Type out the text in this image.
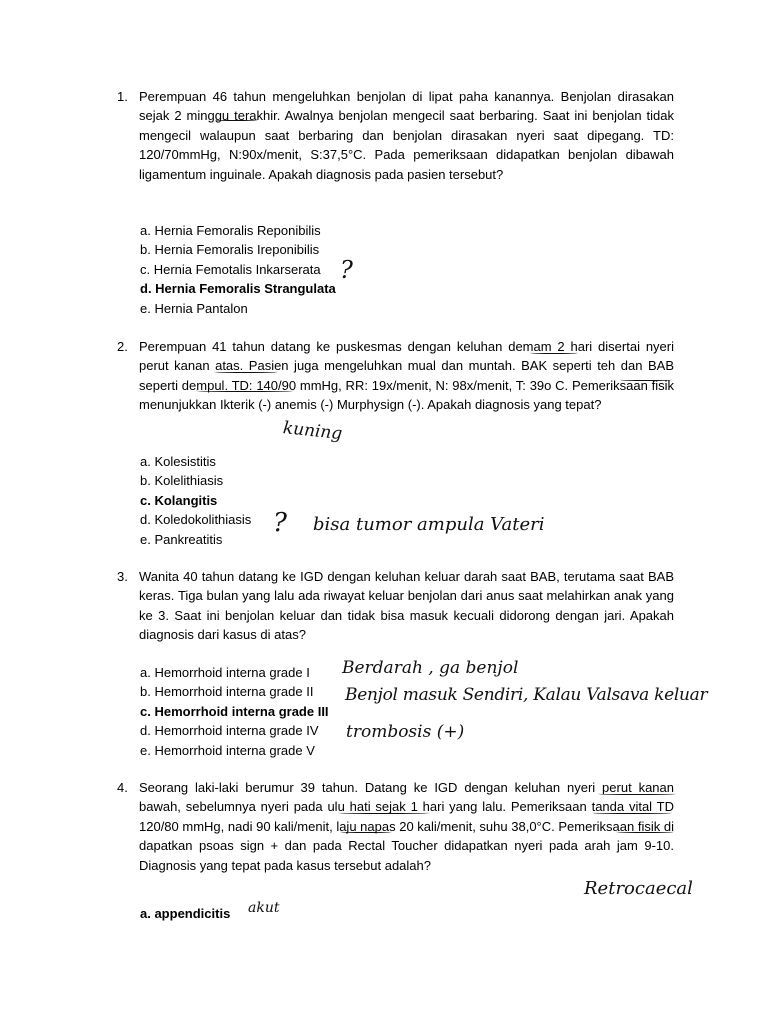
1. Perempuan 46 tahun mengeluhkan benjolan di lipat paha kanannya. Benjolan dirasakan sejak 2 minggu terakhir. Awalnya benjolan mengecil saat berbaring. Saat ini benjolan tidak mengecil walaupun saat berbaring dan benjolan dirasakan nyeri saat dipegang. TD: 120/70mmHg, N:90x/menit, S:37,5°C. Pada pemeriksaan didapatkan benjolan dibawah ligamentum inguinale. Apakah diagnosis pada pasien tersebut?
a. Hernia Femoralis Reponibilis
b. Hernia Femoralis Ireponibilis
c. Hernia Femotalis Inkarserata
d. Hernia Femoralis Strangulata
e. Hernia Pantalon
2. Perempuan 41 tahun datang ke puskesmas dengan keluhan demam 2 hari disertai nyeri perut kanan atas. Pasien juga mengeluhkan mual dan muntah. BAK seperti teh dan BAB seperti dempul. TD: 140/90 mmHg, RR: 19x/menit, N: 98x/menit, T: 39o C. Pemeriksaan fisik menunjukkan Ikterik (-) anemis (-) Murphysign (-). Apakah diagnosis yang tepat?
a. Kolesistitis
b. Kolelithiasis
c. Kolangitis
d. Koledokolithiasis
e. Pankreatitis
3. Wanita 40 tahun datang ke IGD dengan keluhan keluar darah saat BAB, terutama saat BAB keras. Tiga bulan yang lalu ada riwayat keluar benjolan dari anus saat melahirkan anak yang ke 3. Saat ini benjolan keluar dan tidak bisa masuk kecuali didorong dengan jari. Apakah diagnosis dari kasus di atas?
a. Hemorrhoid interna grade I
b. Hemorrhoid interna grade II
c. Hemorrhoid interna grade III
d. Hemorrhoid interna grade IV
e. Hemorrhoid interna grade V
4. Seorang laki-laki berumur 39 tahun. Datang ke IGD dengan keluhan nyeri perut kanan bawah, sebelumnya nyeri pada ulu hati sejak 1 hari yang lalu. Pemeriksaan tanda vital TD 120/80 mmHg, nadi 90 kali/menit, laju napas 20 kali/menit, suhu 38,0°C. Pemeriksaan fisik di dapatkan psoas sign + dan pada Rectal Toucher didapatkan nyeri pada arah jam 9-10. Diagnosis yang tepat pada kasus tersebut adalah?
a. appendicitis
?
kuning
? bisa tumor ampula Vateri
Berdarah , ga benjol
Benjol masuk Sendiri, Kalau Valsava keluar
trombosis (+)
Retrocaecal
akut
